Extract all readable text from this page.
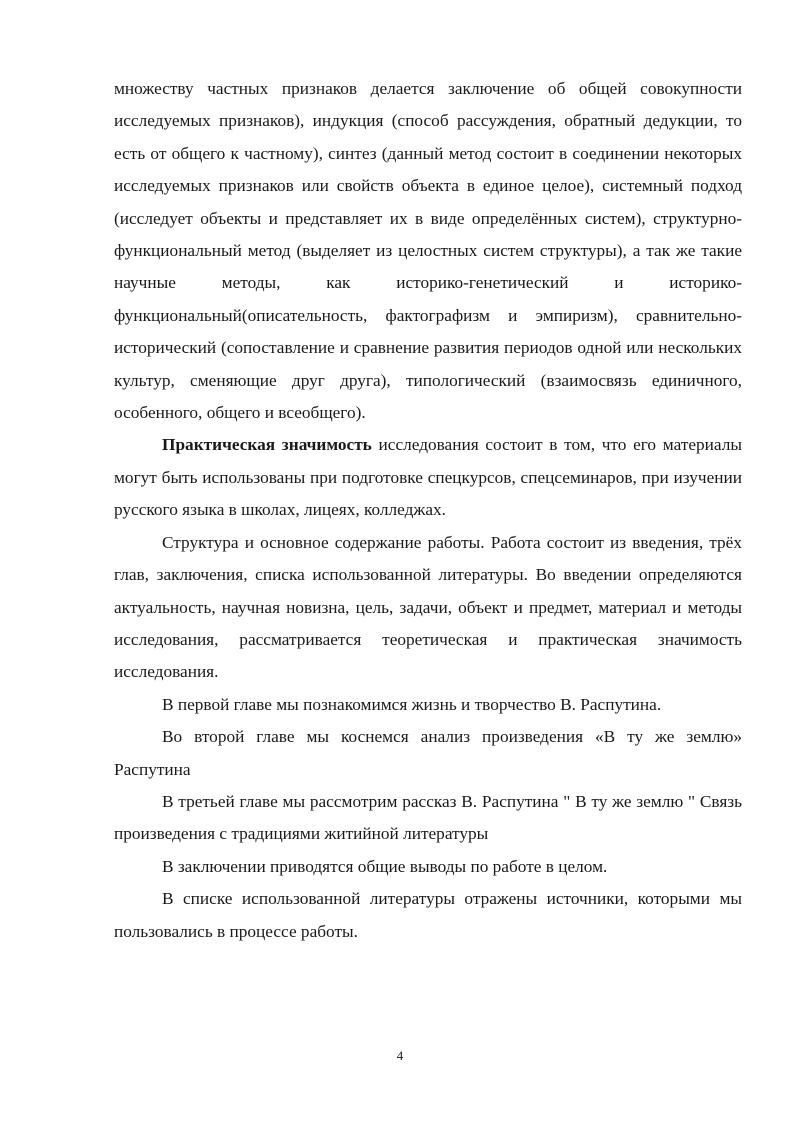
множеству частных признаков делается заключение об общей совокупности исследуемых признаков), индукция (способ рассуждения, обратный дедукции, то есть от общего к частному), синтез (данный метод состоит в соединении некоторых исследуемых признаков или свойств объекта в единое целое), системный подход (исследует объекты и представляет их в виде определённых систем), структурно-функциональный метод (выделяет из целостных систем структуры), а так же такие научные методы, как историко-генетический и историко-функциональный(описательность, фактографизм и эмпиризм), сравнительно-исторический (сопоставление и сравнение развития периодов одной или нескольких культур, сменяющие друг друга), типологический (взаимосвязь единичного, особенного, общего и всеобщего).

Практическая значимость исследования состоит в том, что его материалы могут быть использованы при подготовке спецкурсов, спецсеминаров, при изучении русского языка в школах, лицеях, колледжах.

Структура и основное содержание работы. Работа состоит из введения, трёх глав, заключения, списка использованной литературы. Во введении определяются актуальность, научная новизна, цель, задачи, объект и предмет, материал и методы исследования, рассматривается теоретическая и практическая значимость исследования.

В первой главе мы познакомимся жизнь и творчество В. Распутина.

Во второй главе мы коснемся анализ произведения «В ту же землю» Распутина

В третьей главе мы рассмотрим рассказ В. Распутина " В ту же землю " Связь произведения с традициями житийной литературы

В заключении приводятся общие выводы по работе в целом.

В списке использованной литературы отражены источники, которыми мы пользовались в процессе работы.

4
